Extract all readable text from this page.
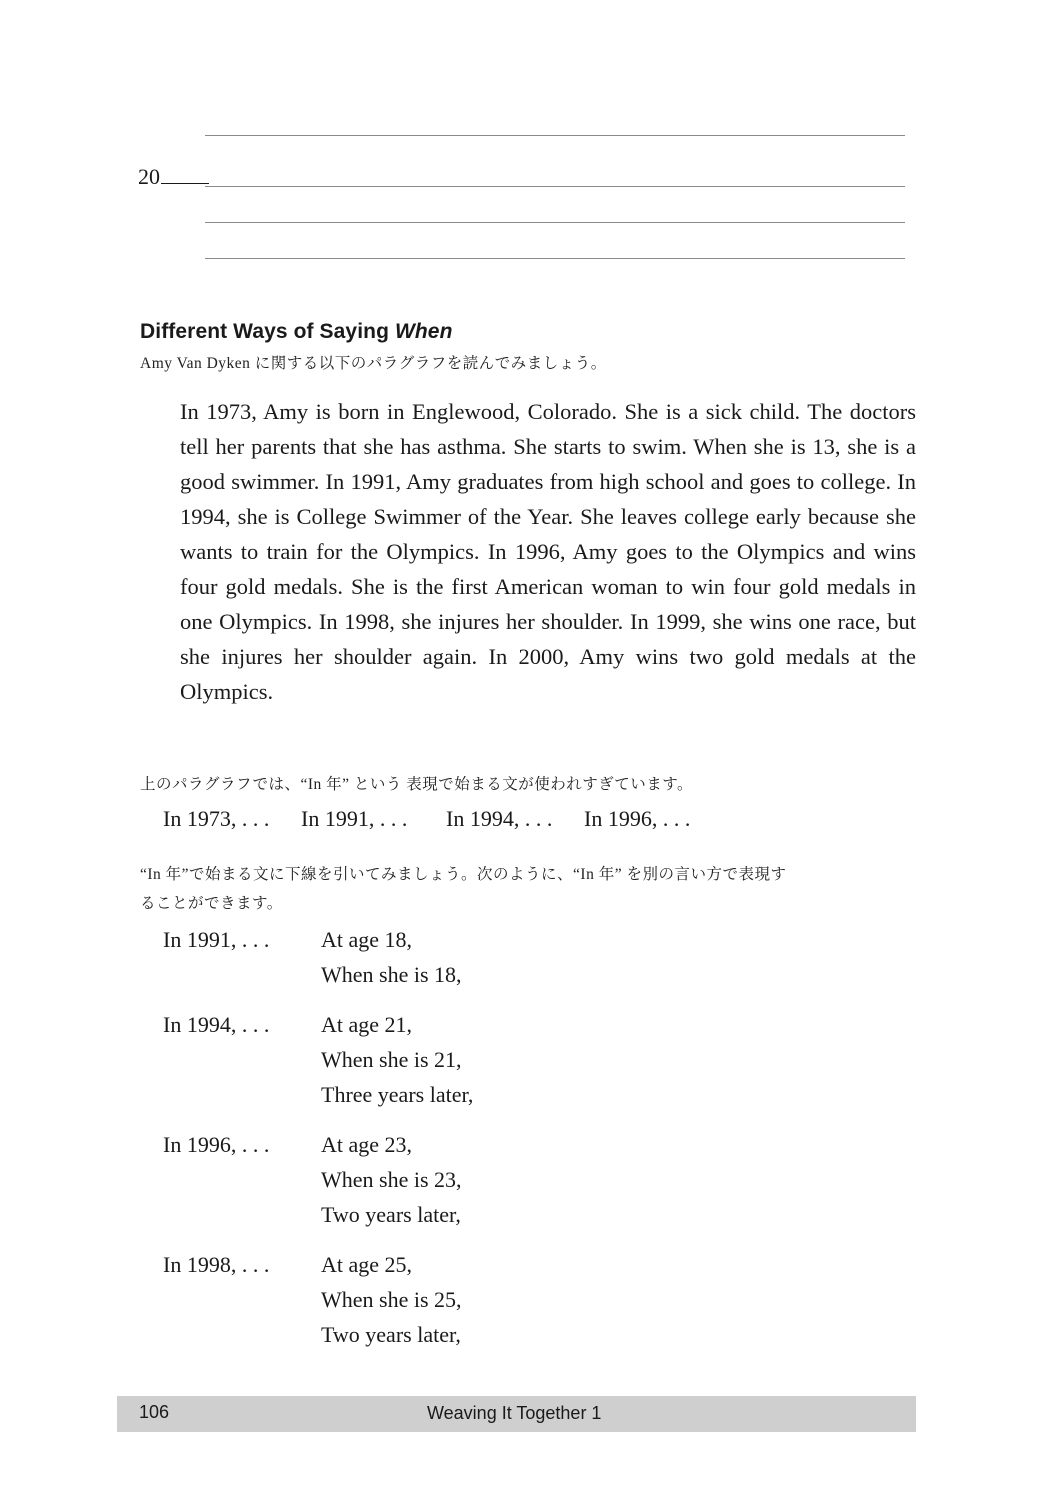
20
Different Ways of Saying When
Amy Van Dyken に関する以下のパラグラフを読んでみましょう。

In 1973, Amy is born in Englewood, Colorado. She is a sick child. The doctors tell her parents that she has asthma. She starts to swim. When she is 13, she is a good swimmer. In 1991, Amy graduates from high school and goes to college. In 1994, she is College Swimmer of the Year. She leaves college early because she wants to train for the Olympics. In 1996, Amy goes to the Olympics and wins four gold medals. She is the first American woman to win four gold medals in one Olympics. In 1998, she injures her shoulder. In 1999, she wins one race, but she injures her shoulder again. In 2000, Amy wins two gold medals at the Olympics.

上のパラグラフでは、“In 年” という 表現で始まる文が使われすぎています。
In 1973, . . . In 1991, . . . In 1994, . . . In 1996, . . .
“In 年”で始まる文に下線を引いてみましょう。次のように、“In 年” を別の言い方で表現す
ることができます。
In 1991, . . .	At age 18,
When she is 18,
In 1994, . . .	At age 21,
When she is 21,
Three years later,
In 1996, . . .	At age 23,
When she is 23,
Two years later,
In 1998, . . .	At age 25,
When she is 25,
Two years later,
106	Weaving It Together 1
